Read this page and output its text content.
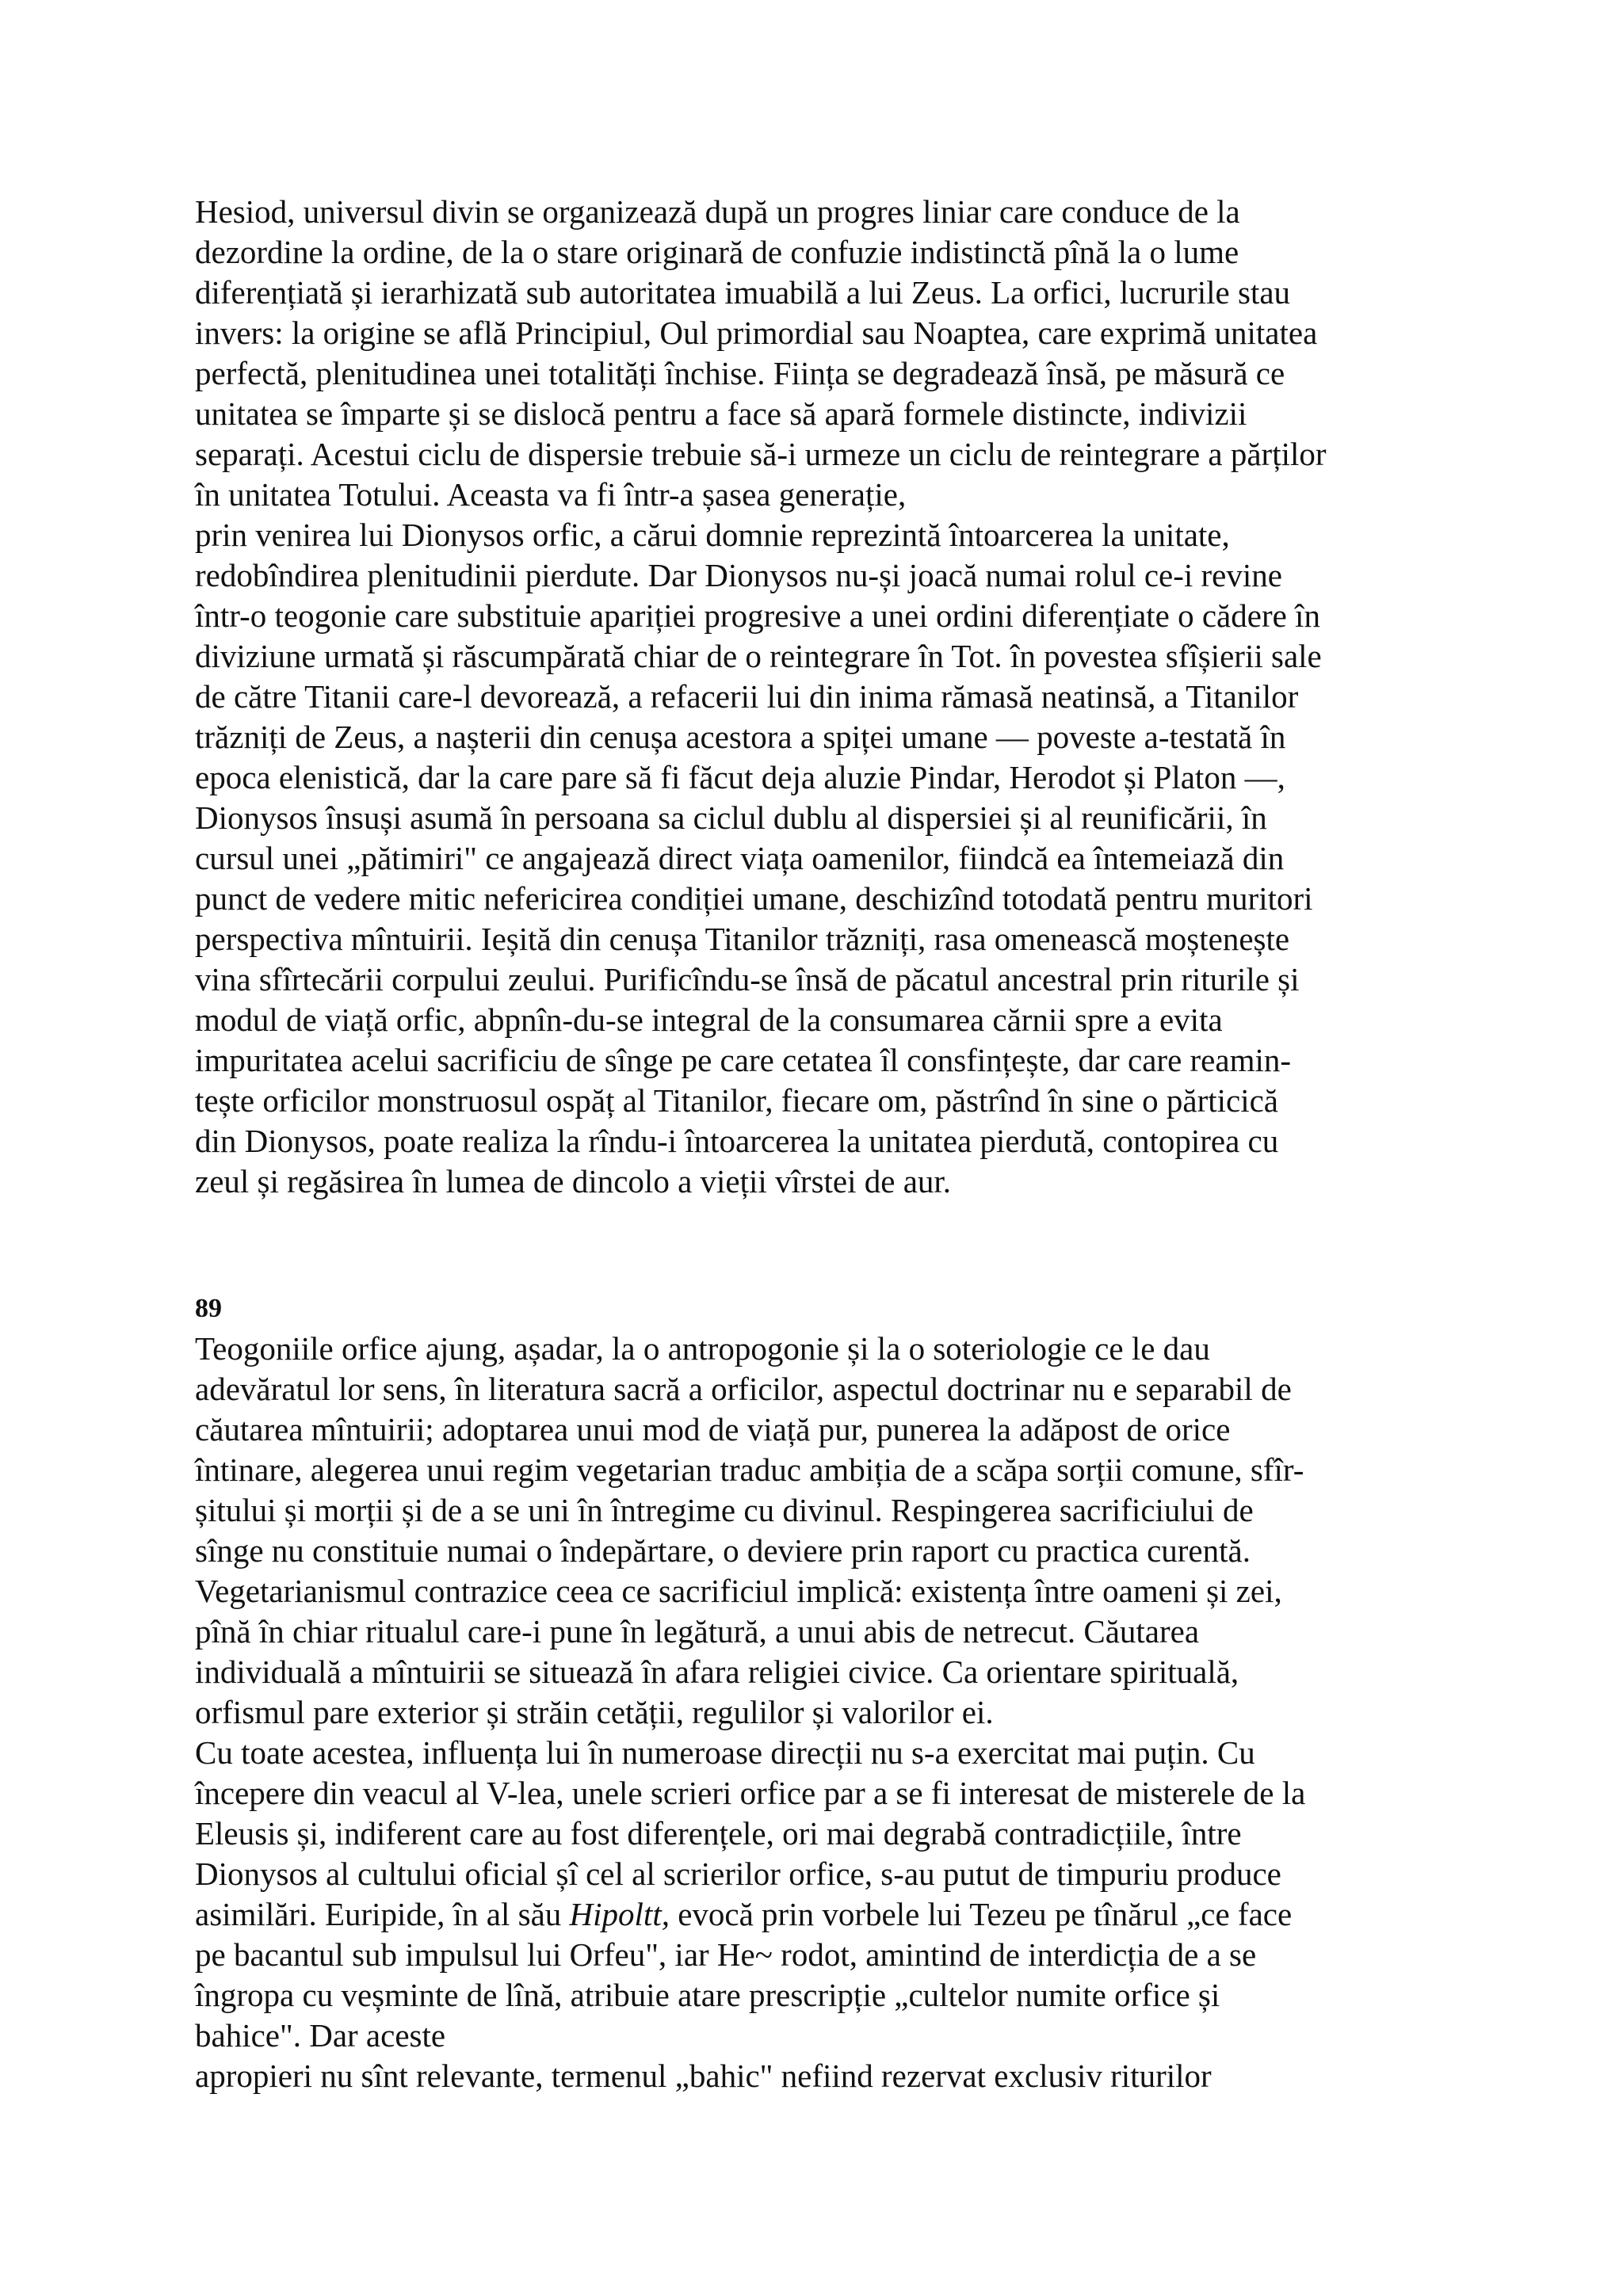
Hesiod, universul divin se organizează după un progres liniar care conduce de la
dezordine la ordine, de la o stare originară de confuzie indistinctă pînă la o lume
diferențiată și ierarhizată sub autoritatea imuabilă a lui Zeus. La orfici, lucrurile stau
invers: la origine se află Principiul, Oul primordial sau Noaptea, care exprimă unitatea
perfectă, plenitudinea unei totalități închise. Ființa se degradează însă, pe măsură ce
unitatea se împarte și se dislocă pentru a face să apară formele distincte, indivizii
separați. Acestui ciclu de dispersie trebuie să-i urmeze un ciclu de reintegrare a părților
în unitatea Totului. Aceasta va fi într-a șasea generație,
prin venirea lui Dionysos orfic, a cărui domnie reprezintă întoarcerea la unitate,
redobîndirea plenitudinii pierdute. Dar Dionysos nu-și joacă numai rolul ce-i revine
într-o teogonie care substituie apariției progresive a unei ordini diferențiate o cădere în
diviziune urmată și răscumpărată chiar de o reintegrare în Tot. în povestea sfîșierii sale
de către Titanii care-l devorează, a refacerii lui din inima rămasă neatinsă, a Titanilor
trăzniți de Zeus, a nașterii din cenușa acestora a spiței umane — poveste a-testată în
epoca elenistică, dar la care pare să fi făcut deja aluzie Pindar, Herodot și Platon —,
Dionysos însuși asumă în persoana sa ciclul dublu al dispersiei și al reunificării, în
cursul unei „pătimiri" ce angajează direct viața oamenilor, fiindcă ea întemeiază din
punct de vedere mitic nefericirea condiției umane, deschizînd totodată pentru muritori
perspectiva mîntuirii. Ieșită din cenușa Titanilor trăzniți, rasa omenească moștenește
vina sfîrtecării corpului zeului. Purificîndu-se însă de păcatul ancestral prin riturile și
modul de viață orfic, abpnîn-du-se integral de la consumarea cărnii spre a evita
impuritatea acelui sacrificiu de sînge pe care cetatea îl consfințește, dar care reamin-
tește orficilor monstruosul ospăț al Titanilor, fiecare om, păstrînd în sine o părticică
din Dionysos, poate realiza la rîndu-i întoarcerea la unitatea pierdută, contopirea cu
zeul și regăsirea în lumea de dincolo a vieții vîrstei de aur.
89
Teogoniile orfice ajung, așadar, la o antropogonie și la o soteriologie ce le dau
adevăratul lor sens, în literatura sacră a orficilor, aspectul doctrinar nu e separabil de
căutarea mîntuirii; adoptarea unui mod de viață pur, punerea la adăpost de orice
întinare, alegerea unui regim vegetarian traduc ambiția de a scăpa sorții comune, sfîr-
șitului și morții și de a se uni în întregime cu divinul. Respingerea sacrificiului de
sînge nu constituie numai o îndepărtare, o deviere prin raport cu practica curentă.
Vegetarianismul contrazice ceea ce sacrificiul implică: existența între oameni și zei,
pînă în chiar ritualul care-i pune în legătură, a unui abis de netrecut. Căutarea
individuală a mîntuirii se situează în afara religiei civice. Ca orientare spirituală,
orfismul pare exterior și străin cetății, regulilor și valorilor ei.
Cu toate acestea, influența lui în numeroase direcții nu s-a exercitat mai puțin. Cu
începere din veacul al V-lea, unele scrieri orfice par a se fi interesat de misterele de la
Eleusis și, indiferent care au fost diferențele, ori mai degrabă contradicțiile, între
Dionysos al cultului oficial șî cel al scrierilor orfice, s-au putut de timpuriu produce
asimilări. Euripide, în al său Hipoltt, evocă prin vorbele lui Tezeu pe tînărul „ce face
pe bacantul sub impulsul lui Orfeu", iar He~ rodot, amintind de interdicția de a se
îngropa cu veșminte de lînă, atribuie atare prescripție „cultelor numite orfice și
bahice". Dar aceste
apropieri nu sînt relevante, termenul „bahic" nefiind rezervat exclusiv riturilor
